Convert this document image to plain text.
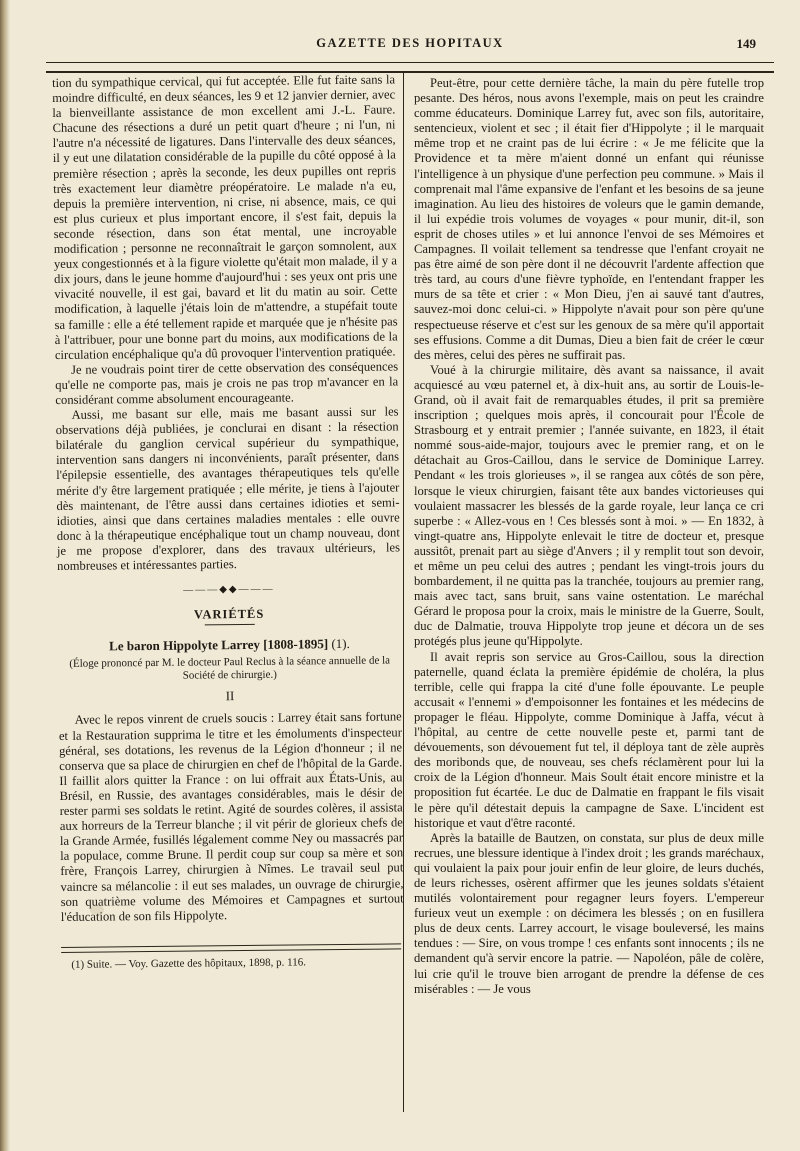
GAZETTE DES HOPITAUX	149

tion du sympathique cervical, qui fut acceptée. Elle fut faite sans la moindre difficulté, en deux séances, les 9 et 12 janvier dernier, avec la bienveillante assistance de mon excellent ami J.-L. Faure. Chacune des résections a duré un petit quart d'heure ; ni l'un, ni l'autre n'a nécessité de ligatures. Dans l'intervalle des deux séances, il y eut une dilatation considérable de la pupille du côté opposé à la première résection ; après la seconde, les deux pupilles ont repris très exactement leur diamètre préopératoire. Le malade n'a eu, depuis la première intervention, ni crise, ni absence, mais, ce qui est plus curieux et plus important encore, il s'est fait, depuis la seconde résection, dans son état mental, une incroyable modification ; personne ne reconnaîtrait le garçon somnolent, aux yeux congestionnés et à la figure violette qu'était mon malade, il y a dix jours, dans le jeune homme d'aujourd'hui : ses yeux ont pris une vivacité nouvelle, il est gai, bavard et lit du matin au soir. Cette modification, à laquelle j'étais loin de m'attendre, a stupéfait toute sa famille : elle a été tellement rapide et marquée que je n'hésite pas à l'attribuer, pour une bonne part du moins, aux modifications de la circulation encéphalique qu'a dû provoquer l'intervention pratiquée.

Je ne voudrais point tirer de cette observation des conséquences qu'elle ne comporte pas, mais je crois ne pas trop m'avancer en la considérant comme absolument encourageante.

Aussi, me basant sur elle, mais me basant aussi sur les observations déjà publiées, je conclurai en disant : la résection bilatérale du ganglion cervical supérieur du sympathique, intervention sans dangers ni inconvénients, paraît présenter, dans l'épilepsie essentielle, des avantages thérapeutiques tels qu'elle mérite d'y être largement pratiquée ; elle mérite, je tiens à l'ajouter dès maintenant, de l'être aussi dans certaines idioties et semi-idioties, ainsi que dans certaines maladies mentales : elle ouvre donc à la thérapeutique encéphalique tout un champ nouveau, dont je me propose d'explorer, dans des travaux ultérieurs, les nombreuses et intéressantes parties.

———◆◆———
VARIÉTÉS
Le baron Hippolyte Larrey [1808-1895] (1).
(Éloge prononcé par M. le docteur Paul Reclus à la séance annuelle de la Société de chirurgie.)
II

Avec le repos vinrent de cruels soucis : Larrey était sans fortune et la Restauration supprima le titre et les émoluments d'inspecteur général, ses dotations, les revenus de la Légion d'honneur ; il ne conserva que sa place de chirurgien en chef de l'hôpital de la Garde. Il faillit alors quitter la France : on lui offrait aux États-Unis, au Brésil, en Russie, des avantages considérables, mais le désir de rester parmi ses soldats le retint. Agité de sourdes colères, il assista aux horreurs de la Terreur blanche ; il vit périr de glorieux chefs de la Grande Armée, fusillés légalement comme Ney ou massacrés par la populace, comme Brune. Il perdit coup sur coup sa mère et son frère, François Larrey, chirurgien à Nîmes. Le travail seul put vaincre sa mélancolie : il eut ses malades, un ouvrage de chirurgie, son quatrième volume des Mémoires et Campagnes et surtout l'éducation de son fils Hippolyte.

(1) Suite. — Voy. Gazette des hôpitaux, 1898, p. 116.

Peut-être, pour cette dernière tâche, la main du père futelle trop pesante. Des héros, nous avons l'exemple, mais on peut les craindre comme éducateurs. Dominique Larrey fut, avec son fils, autoritaire, sentencieux, violent et sec ; il était fier d'Hippolyte ; il le marquait même trop et ne craint pas de lui écrire : « Je me félicite que la Providence et ta mère m'aient donné un enfant qui réunisse l'intelligence à un physique d'une perfection peu commune. » Mais il comprenait mal l'âme expansive de l'enfant et les besoins de sa jeune imagination. Au lieu des histoires de voleurs que le gamin demande, il lui expédie trois volumes de voyages « pour munir, dit-il, son esprit de choses utiles » et lui annonce l'envoi de ses Mémoires et Campagnes. Il voilait tellement sa tendresse que l'enfant croyait ne pas être aimé de son père dont il ne découvrit l'ardente affection que très tard, au cours d'une fièvre typhoïde, en l'entendant frapper les murs de sa tête et crier : « Mon Dieu, j'en ai sauvé tant d'autres, sauvez-moi donc celui-ci. » Hippolyte n'avait pour son père qu'une respectueuse réserve et c'est sur les genoux de sa mère qu'il apportait ses effusions. Comme a dit Dumas, Dieu a bien fait de créer le cœur des mères, celui des pères ne suffirait pas.

Voué à la chirurgie militaire, dès avant sa naissance, il avait acquiescé au vœu paternel et, à dix-huit ans, au sortir de Louis-le-Grand, où il avait fait de remarquables études, il prit sa première inscription ; quelques mois après, il concourait pour l'École de Strasbourg et y entrait premier ; l'année suivante, en 1823, il était nommé sous-aide-major, toujours avec le premier rang, et on le détachait au Gros-Caillou, dans le service de Dominique Larrey. Pendant « les trois glorieuses », il se rangea aux côtés de son père, lorsque le vieux chirurgien, faisant tête aux bandes victorieuses qui voulaient massacrer les blessés de la garde royale, leur lança ce cri superbe : « Allez-vous en ! Ces blessés sont à moi. » — En 1832, à vingt-quatre ans, Hippolyte enlevait le titre de docteur et, presque aussitôt, prenait part au siège d'Anvers ; il y remplit tout son devoir, et même un peu celui des autres ; pendant les vingt-trois jours du bombardement, il ne quitta pas la tranchée, toujours au premier rang, mais avec tact, sans bruit, sans vaine ostentation. Le maréchal Gérard le proposa pour la croix, mais le ministre de la Guerre, Soult, duc de Dalmatie, trouva Hippolyte trop jeune et décora un de ses protégés plus jeune qu'Hippolyte.

Il avait repris son service au Gros-Caillou, sous la direction paternelle, quand éclata la première épidémie de choléra, la plus terrible, celle qui frappa la cité d'une folle épouvante. Le peuple accusait « l'ennemi » d'empoisonner les fontaines et les médecins de propager le fléau. Hippolyte, comme Dominique à Jaffa, vécut à l'hôpital, au centre de cette nouvelle peste et, parmi tant de dévouements, son dévouement fut tel, il déploya tant de zèle auprès des moribonds que, de nouveau, ses chefs réclamèrent pour lui la croix de la Légion d'honneur. Mais Soult était encore ministre et la proposition fut écartée. Le duc de Dalmatie en frappant le fils visait le père qu'il détestait depuis la campagne de Saxe. L'incident est historique et vaut d'être raconté.

Après la bataille de Bautzen, on constata, sur plus de deux mille recrues, une blessure identique à l'index droit ; les grands maréchaux, qui voulaient la paix pour jouir enfin de leur gloire, de leurs duchés, de leurs richesses, osèrent affirmer que les jeunes soldats s'étaient mutilés volontairement pour regagner leurs foyers. L'empereur furieux veut un exemple : on décimera les blessés ; on en fusillera plus de deux cents. Larrey accourt, le visage bouleversé, les mains tendues : — Sire, on vous trompe ! ces enfants sont innocents ; ils ne demandent qu'à servir encore la patrie. — Napoléon, pâle de colère, lui crie qu'il le trouve bien arrogant de prendre la défense de ces misérables : — Je vous
